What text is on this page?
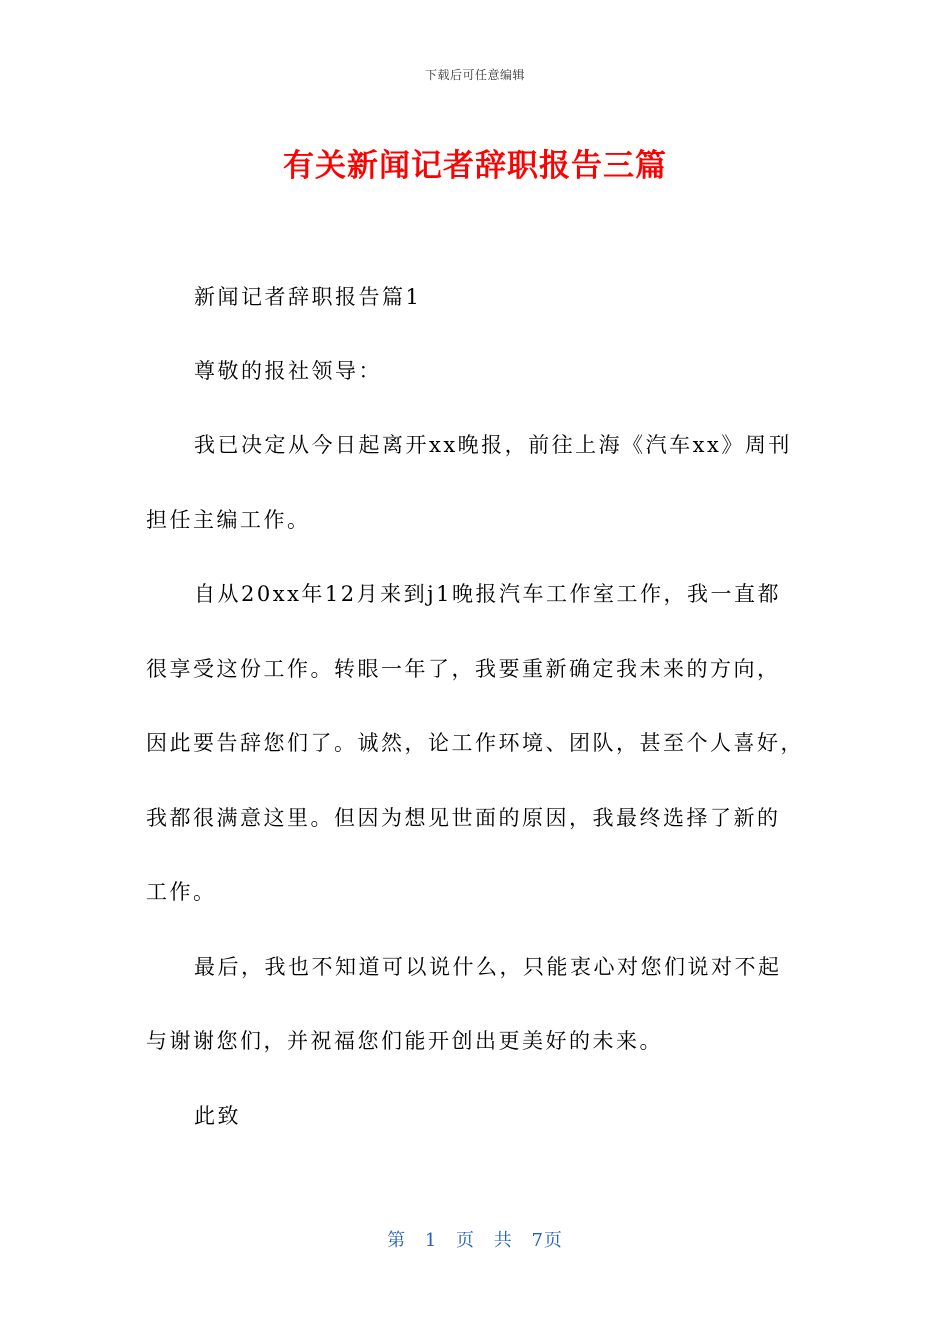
下载后可任意编辑
有关新闻记者辞职报告三篇
新闻记者辞职报告篇1
尊敬的报社领导：
我已决定从今日起离开xx晚报，前往上海《汽车xx》周刊
担任主编工作。
自从20xx年12月来到j1晚报汽车工作室工作，我一直都
很享受这份工作。转眼一年了，我要重新确定我未来的方向，
因此要告辞您们了。诚然，论工作环境、团队，甚至个人喜好，
我都很满意这里。但因为想见世面的原因，我最终选择了新的
工作。
最后，我也不知道可以说什么，只能衷心对您们说对不起
与谢谢您们，并祝福您们能开创出更美好的未来。
此致
第 1 页 共 7页
